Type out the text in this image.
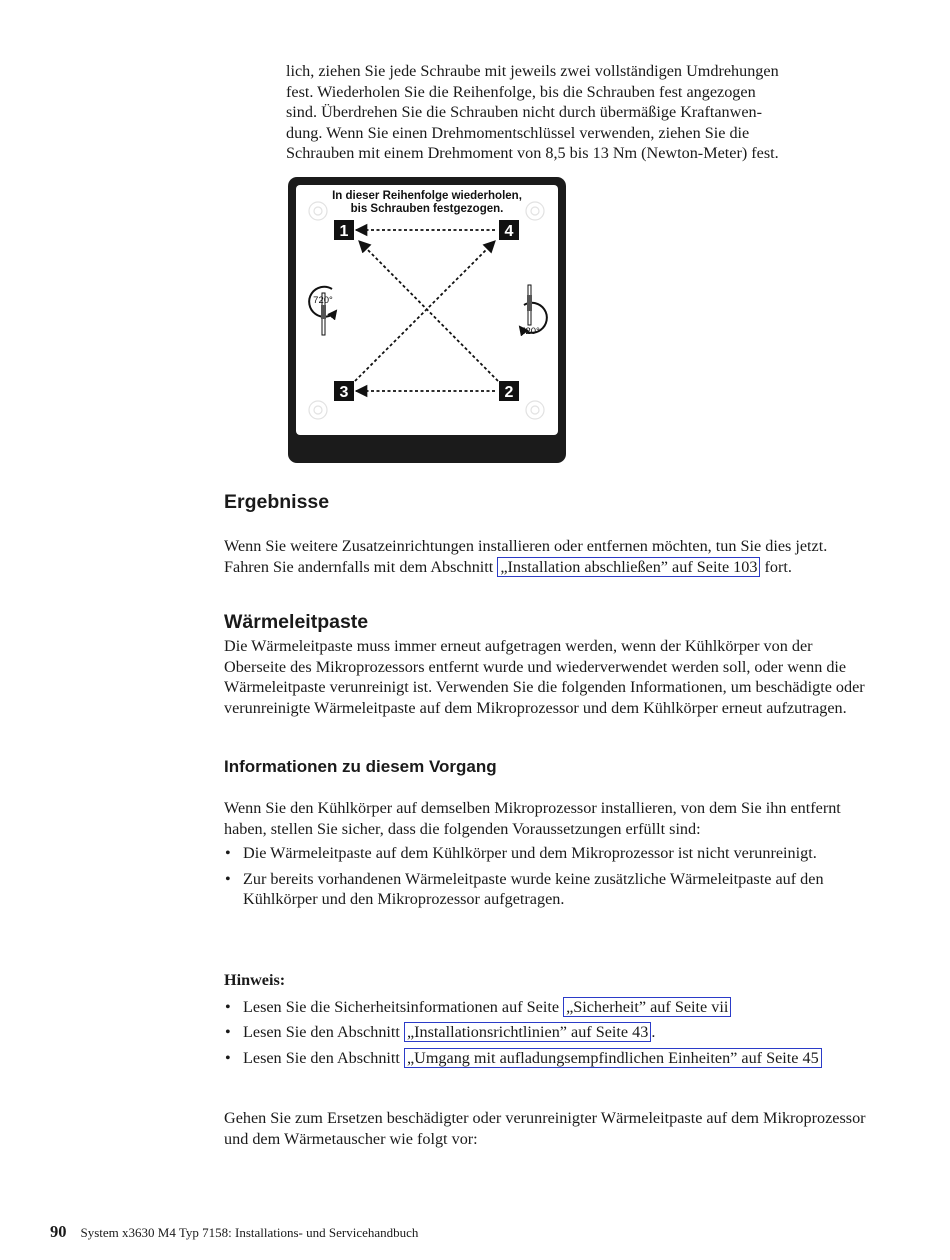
lich, ziehen Sie jede Schraube mit jeweils zwei vollständigen Umdrehungen

fest. Wiederholen Sie die Reihenfolge, bis die Schrauben fest angezogen

sind. Überdrehen Sie die Schrauben nicht durch übermäßige Kraftanwen-

dung. Wenn Sie einen Drehmomentschlüssel verwenden, ziehen Sie die

Schrauben mit einem Drehmoment von 8,5 bis 13 Nm (Newton-Meter) fest.

In dieser Reihenfolge wiederholen,
bis Schrauben festgezogen.
1	4
3	2
720°
720°
Ergebnisse

Wenn Sie weitere Zusatzeinrichtungen installieren oder entfernen möchten, tun Sie dies jetzt. Fahren Sie andernfalls mit dem Abschnitt „Installation abschließen” auf Seite 103 fort.

Wärmeleitpaste

Die Wärmeleitpaste muss immer erneut aufgetragen werden, wenn der Kühlkörper von der Oberseite des Mikroprozessors entfernt wurde und wiederverwendet werden soll, oder wenn die Wärmeleitpaste verunreinigt ist. Verwenden Sie die folgenden Informationen, um beschädigte oder verunreinigte Wärmeleitpaste auf dem Mikroprozessor und dem Kühlkörper erneut aufzutragen.

Informationen zu diesem Vorgang

Wenn Sie den Kühlkörper auf demselben Mikroprozessor installieren, von dem Sie ihn entfernt haben, stellen Sie sicher, dass die folgenden Voraussetzungen erfüllt sind:

• Die Wärmeleitpaste auf dem Kühlkörper und dem Mikroprozessor ist nicht verunreinigt.
• Zur bereits vorhandenen Wärmeleitpaste wurde keine zusätzliche Wärmeleitpaste auf den Kühlkörper und den Mikroprozessor aufgetragen.

Hinweis:

• Lesen Sie die Sicherheitsinformationen auf Seite „Sicherheit” auf Seite vii
• Lesen Sie den Abschnitt „Installationsrichtlinien” auf Seite 43 .
• Lesen Sie den Abschnitt „Umgang mit aufladungsempfindlichen Einheiten” auf Seite 45

Gehen Sie zum Ersetzen beschädigter oder verunreinigter Wärmeleitpaste auf dem Mikroprozessor und dem Wärmetauscher wie folgt vor:

90 System x3630 M4 Typ 7158: Installations- und Servicehandbuch
